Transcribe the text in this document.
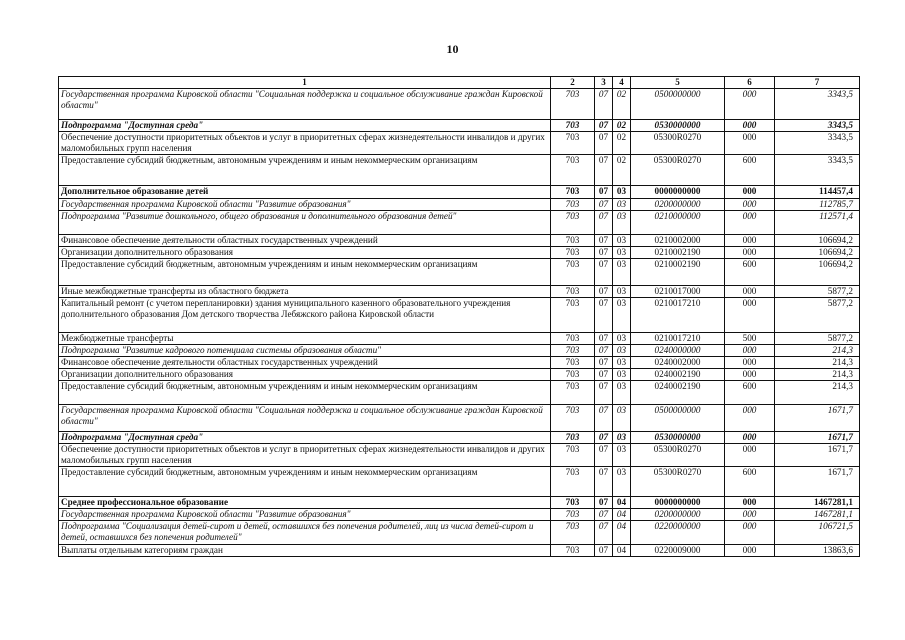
10
1	2	3	4	5	6	7
Государственная программа Кировской области "Социальная поддержка и социальное обслуживание граждан Кировской области"	703	07	02	0500000000	000	3343,5
Подпрограмма "Доступная среда"	703	07	02	0530000000	000	3343,5
Обеспечение доступности приоритетных объектов и услуг в приоритетных сферах жизнедеятельности инвалидов и других маломобильных групп населения	703	07	02	05300R0270	000	3343,5
Предоставление субсидий бюджетным, автономным учреждениям и иным некоммерческим организациям	703	07	02	05300R0270	600	3343,5
Дополнительное образование детей	703	07	03	0000000000	000	114457,4
Государственная программа Кировской области "Развитие образования"	703	07	03	0200000000	000	112785,7
Подпрограмма "Развитие дошкольного, общего образования и дополнительного образования детей"	703	07	03	0210000000	000	112571,4
Финансовое обеспечение деятельности областных государственных учреждений	703	07	03	0210002000	000	106694,2
Организации дополнительного образования	703	07	03	0210002190	000	106694,2
Предоставление субсидий бюджетным, автономным учреждениям и иным некоммерческим организациям	703	07	03	0210002190	600	106694,2
Иные межбюджетные трансферты из областного бюджета	703	07	03	0210017000	000	5877,2
Капитальный ремонт (с учетом перепланировки) здания муниципального казенного образовательного учреждения дополнительного образования Дом детского творчества Лебяжского района Кировской области	703	07	03	0210017210	000	5877,2
Межбюджетные трансферты	703	07	03	0210017210	500	5877,2
Подпрограмма "Развитие кадрового потенциала системы образования области"	703	07	03	0240000000	000	214,3
Финансовое обеспечение деятельности областных государственных учреждений	703	07	03	0240002000	000	214,3
Организации дополнительного образования	703	07	03	0240002190	000	214,3
Предоставление субсидий бюджетным, автономным учреждениям и иным некоммерческим организациям	703	07	03	0240002190	600	214,3
Государственная программа Кировской области "Социальная поддержка и социальное обслуживание граждан Кировской области"	703	07	03	0500000000	000	1671,7
Подпрограмма "Доступная среда"	703	07	03	0530000000	000	1671,7
Обеспечение доступности приоритетных объектов и услуг в приоритетных сферах жизнедеятельности инвалидов и других маломобильных групп населения	703	07	03	05300R0270	000	1671,7
Предоставление субсидий бюджетным, автономным учреждениям и иным некоммерческим организациям	703	07	03	05300R0270	600	1671,7
Среднее профессиональное образование	703	07	04	0000000000	000	1467281,1
Государственная программа Кировской области "Развитие образования"	703	07	04	0200000000	000	1467281,1
Подпрограмма "Социализация детей-сирот и детей, оставшихся без попечения родителей, лиц из числа детей-сирот и детей, оставшихся без попечения родителей"	703	07	04	0220000000	000	106721,5
Выплаты отдельным категориям граждан	703	07	04	0220009000	000	13863,6
